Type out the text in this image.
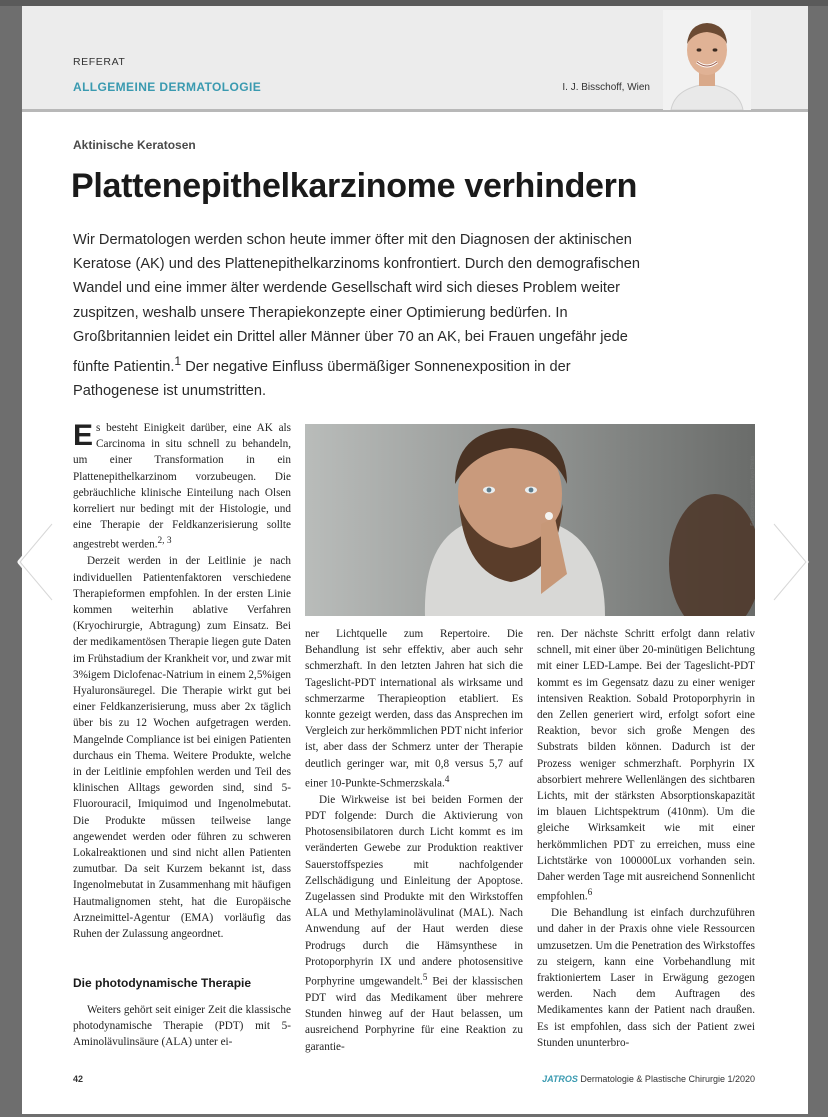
REFERAT
ALLGEMEINE DERMATOLOGIE	I. J. Bisschoff, Wien
Aktinische Keratosen
Plattenepithelkarzinome verhindern

Wir Dermatologen werden schon heute immer öfter mit den Diagnosen der aktinischen Keratose (AK) und des Plattenepithelkarzinoms konfrontiert. Durch den demografischen Wandel und eine immer älter werdende Gesellschaft wird sich dieses Problem weiter zuspitzen, weshalb unsere Therapiekonzepte einer Optimierung bedürfen. In Großbritannien leidet ein Drittel aller Männer über 70 an AK, bei Frauen ungefähr jede fünfte Patientin.$^1$ Der negative Einfluss übermäßiger Sonnenexposition in der Pathogenese ist unumstritten.

Es besteht Einigkeit darüber, eine AK als Carcinoma in situ schnell zu behandeln, um einer Transformation in ein Plattenepithelkarzinom vorzubeugen. Die gebräuchliche klinische Einteilung nach Olsen korreliert nur bedingt mit der Histologie, und eine Therapie der Feldkanzerisierung sollte angestrebt werden.$^{2, 3}$

Derzeit werden in der Leitlinie je nach individuellen Patientenfaktoren verschiedene Therapieformen empfohlen. In der ersten Linie kommen weiterhin ablative Verfahren (Kryochirurgie, Abtragung) zum Einsatz. Bei der medikamentösen Therapie liegen gute Daten im Frühstadium der Krankheit vor, und zwar mit 3%igem Diclofenac-Natrium in einem 2,5%igen Hyaluronsäuregel. Die Therapie wirkt gut bei einer Feldkanzerisierung, muss aber 2x täglich über bis zu 12 Wochen aufgetragen werden. Mangelnde Compliance ist bei einigen Patienten durchaus ein Thema. Weitere Produkte, welche in der Leitlinie empfohlen werden und Teil des klinischen Alltags geworden sind, sind 5-Fluorouracil, Imiquimod und Ingenolmebutat. Die Produkte müssen teilweise lange angewendet werden oder führen zu schweren Lokalreaktionen und sind nicht allen Patienten zumutbar. Da seit Kurzem bekannt ist, dass Ingenolmebutat in Zusammenhang mit häufigen Hautmalignomen steht, hat die Europäische Arzneimittel-Agentur (EMA) vorläufig das Ruhen der Zulassung angeordnet.

Die photodynamische Therapie

Weiters gehört seit einiger Zeit die klassische photodynamische Therapie (PDT) mit 5-Aminolävulinsäure (ALA) unter ei-

© iStockphoto.com/Mayo Photo

ner Lichtquelle zum Repertoire. Die Behandlung ist sehr effektiv, aber auch sehr schmerzhaft. In den letzten Jahren hat sich die Tageslicht-PDT international als wirksame und schmerzarme Therapieoption etabliert. Es konnte gezeigt werden, dass das Ansprechen im Vergleich zur herkömmlichen PDT nicht inferior ist, aber dass der Schmerz unter der Therapie deutlich geringer war, mit 0,8 versus 5,7 auf einer 10-Punkte-Schmerzskala.$^4$

Die Wirkweise ist bei beiden Formen der PDT folgende: Durch die Aktivierung von Photosensibilatoren durch Licht kommt es im veränderten Gewebe zur Produktion reaktiver Sauerstoffspezies mit nachfolgender Zellschädigung und Einleitung der Apoptose. Zugelassen sind Produkte mit den Wirkstoffen ALA und Methylaminolävulinat (MAL). Nach Anwendung auf der Haut werden diese Prodrugs durch die Hämsynthese in Protoporphyrin IX und andere photosensitive Porphyrine umgewandelt.$^5$ Bei der klassischen PDT wird das Medikament über mehrere Stunden hinweg auf der Haut belassen, um ausreichend Porphyrine für eine Reaktion zu garantie-

ren. Der nächste Schritt erfolgt dann relativ schnell, mit einer über 20-minütigen Belichtung mit einer LED-Lampe. Bei der Tageslicht-PDT kommt es im Gegensatz dazu zu einer weniger intensiven Reaktion. Sobald Protoporphyrin in den Zellen generiert wird, erfolgt sofort eine Reaktion, bevor sich große Mengen des Substrats bilden können. Dadurch ist der Prozess weniger schmerzhaft. Porphyrin IX absorbiert mehrere Wellenlängen des sichtbaren Lichts, mit der stärksten Absorptionskapazität im blauen Lichtspektrum (410nm). Um die gleiche Wirksamkeit wie mit einer herkömmlichen PDT zu erreichen, muss eine Lichtstärke von 100000Lux vorhanden sein. Daher werden Tage mit ausreichend Sonnenlicht empfohlen.$^6$

Die Behandlung ist einfach durchzuführen und daher in der Praxis ohne viele Ressourcen umzusetzen. Um die Penetration des Wirkstoffes zu steigern, kann eine Vorbehandlung mit fraktioniertem Laser in Erwägung gezogen werden. Nach dem Auftragen des Medikamentes kann der Patient nach draußen. Es ist empfohlen, dass sich der Patient zwei Stunden ununterbro-

42	JATROS Dermatologie & Plastische Chirurgie 1/2020
